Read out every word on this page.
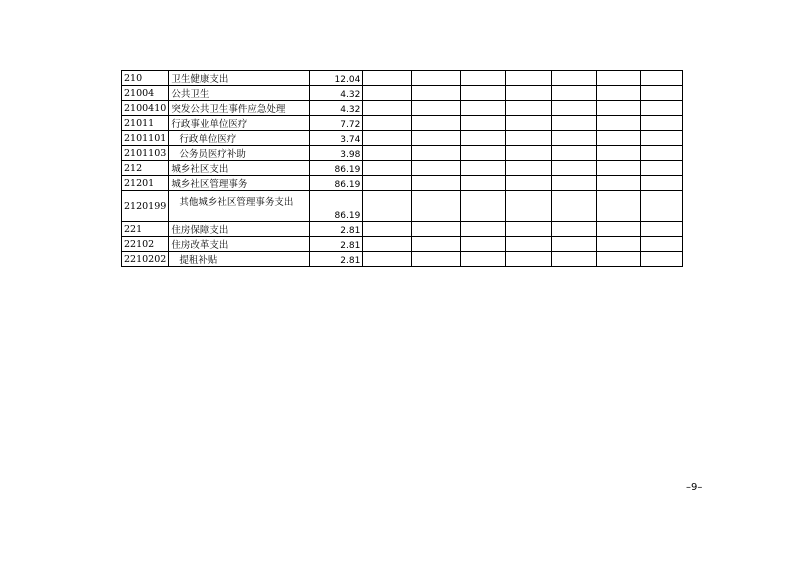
210	卫生健康支出	12.04							
21004	公共卫生	4.32							
2100410	突发公共卫生事件应急处理	4.32							
21011	行政事业单位医疗	7.72							
2101101	行政单位医疗	3.74							
2101103	公务员医疗补助	3.98							
212	城乡社区支出	86.19							
21201	城乡社区管理事务	86.19							
2120199	其他城乡社区管理事务支出	86.19							
221	住房保障支出	2.81							
22102	住房改革支出	2.81							
2210202	提租补贴	2.81							
–9–
